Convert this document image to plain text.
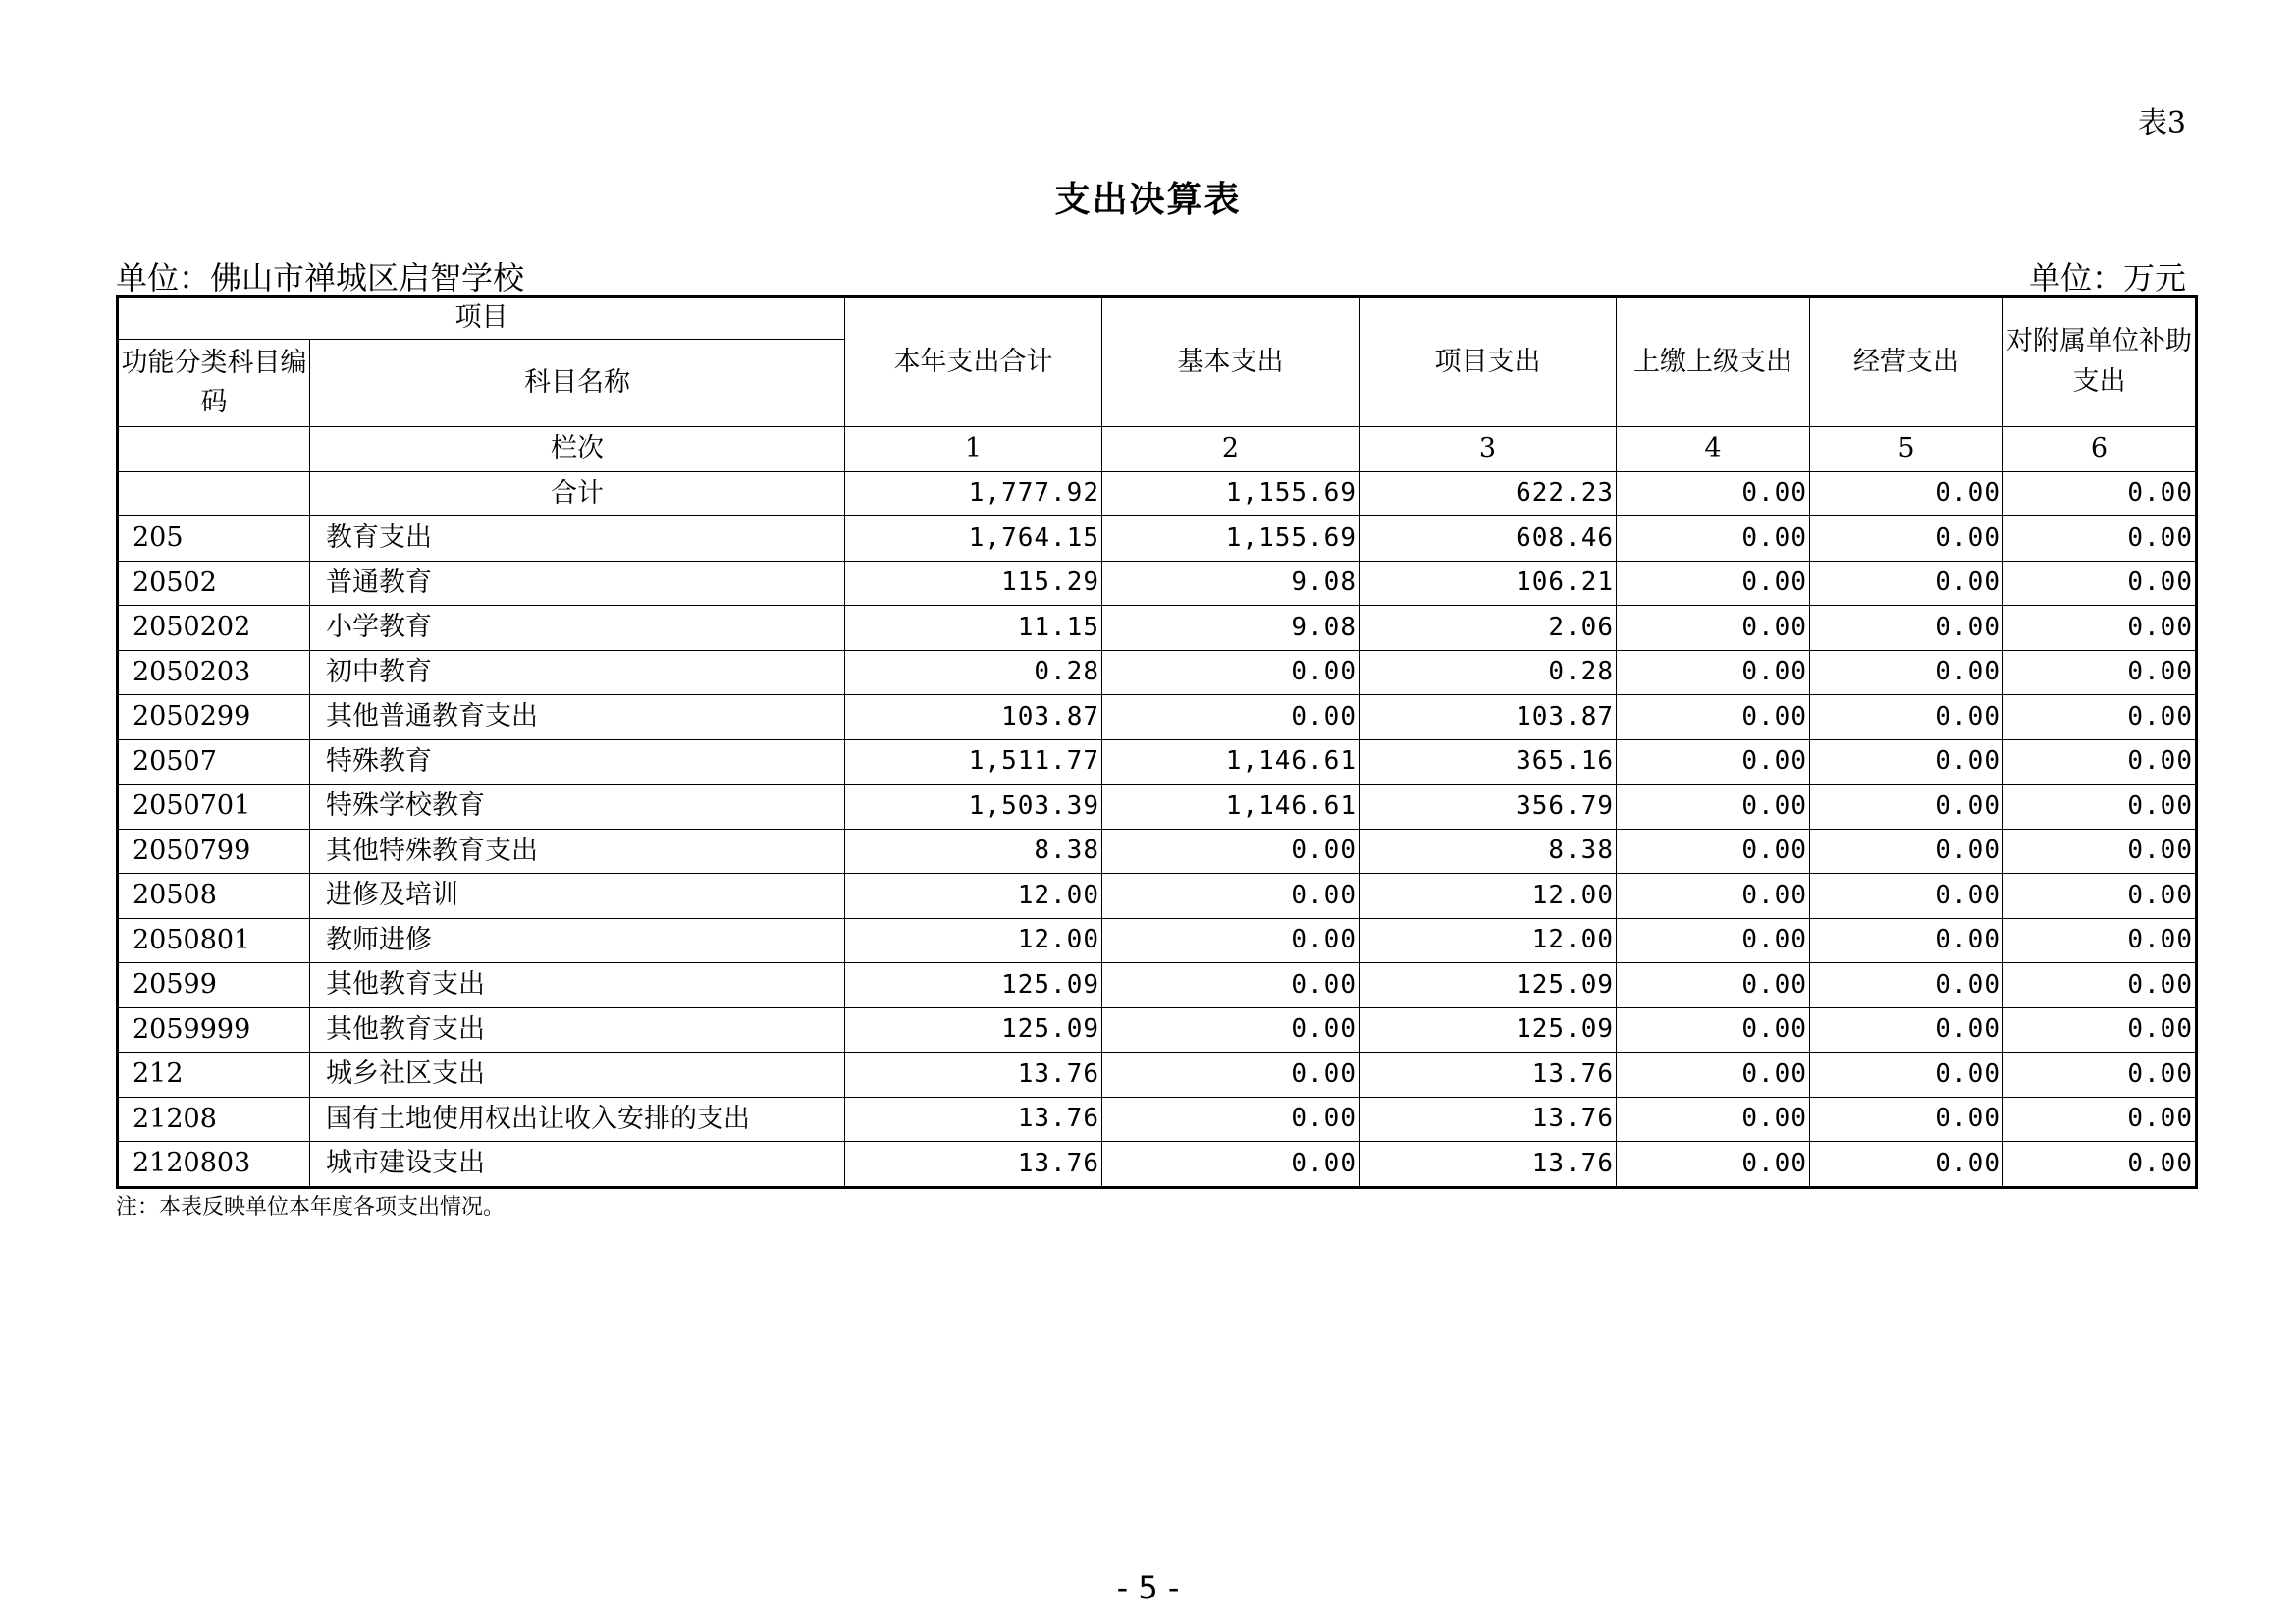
表3
支出决算表
单位：佛山市禅城区启智学校	单位：万元
项目		本年支出合计	基本支出	项目支出	上缴上级支出	经营支出	对附属单位补助支出
功能分类科目编码	科目名称						
	栏次	1	2	3	4	5	6
	合计	1,777.92	1,155.69	622.23	0.00	0.00	0.00
205	教育支出	1,764.15	1,155.69	608.46	0.00	0.00	0.00
20502	普通教育	115.29	9.08	106.21	0.00	0.00	0.00
2050202	小学教育	11.15	9.08	2.06	0.00	0.00	0.00
2050203	初中教育	0.28	0.00	0.28	0.00	0.00	0.00
2050299	其他普通教育支出	103.87	0.00	103.87	0.00	0.00	0.00
20507	特殊教育	1,511.77	1,146.61	365.16	0.00	0.00	0.00
2050701	特殊学校教育	1,503.39	1,146.61	356.79	0.00	0.00	0.00
2050799	其他特殊教育支出	8.38	0.00	8.38	0.00	0.00	0.00
20508	进修及培训	12.00	0.00	12.00	0.00	0.00	0.00
2050801	教师进修	12.00	0.00	12.00	0.00	0.00	0.00
20599	其他教育支出	125.09	0.00	125.09	0.00	0.00	0.00
2059999	其他教育支出	125.09	0.00	125.09	0.00	0.00	0.00
212	城乡社区支出	13.76	0.00	13.76	0.00	0.00	0.00
21208	国有土地使用权出让收入安排的支出	13.76	0.00	13.76	0.00	0.00	0.00
2120803	城市建设支出	13.76	0.00	13.76	0.00	0.00	0.00
注：本表反映单位本年度各项支出情况。
- 5 -
